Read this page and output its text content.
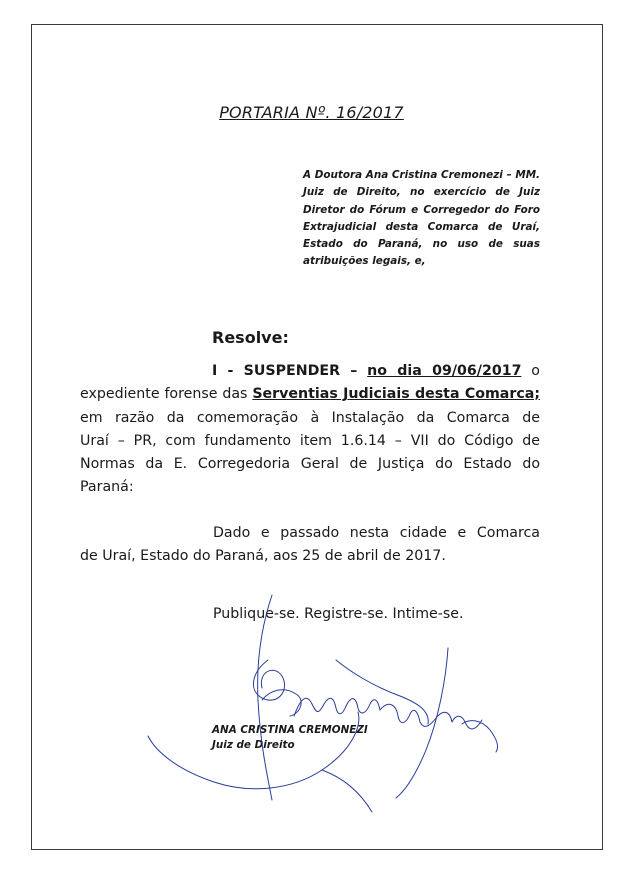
PORTARIA Nº. 16/2017
A Doutora Ana Cristina Cremonezi – MM. Juiz de Direito, no exercício de Juiz Diretor do Fórum e Corregedor do Foro Extrajudicial desta Comarca de Uraí, Estado do Paraná, no uso de suas atribuições legais, e,
Resolve:
I - SUSPENDER – no dia 09/06/2017 o
expediente forense das Serventias Judiciais desta Comarca;
em razão da comemoração à Instalação da Comarca de
Uraí – PR, com fundamento item 1.6.14 – VII do Código de
Normas da E. Corregedoria Geral de Justiça do Estado do
Paraná:
Dado e passado nesta cidade e Comarca
de Uraí, Estado do Paraná, aos 25 de abril de 2017.
Publique-se. Registre-se. Intime-se.
ANA CRISTINA CREMONEZI
Juiz de Direito
